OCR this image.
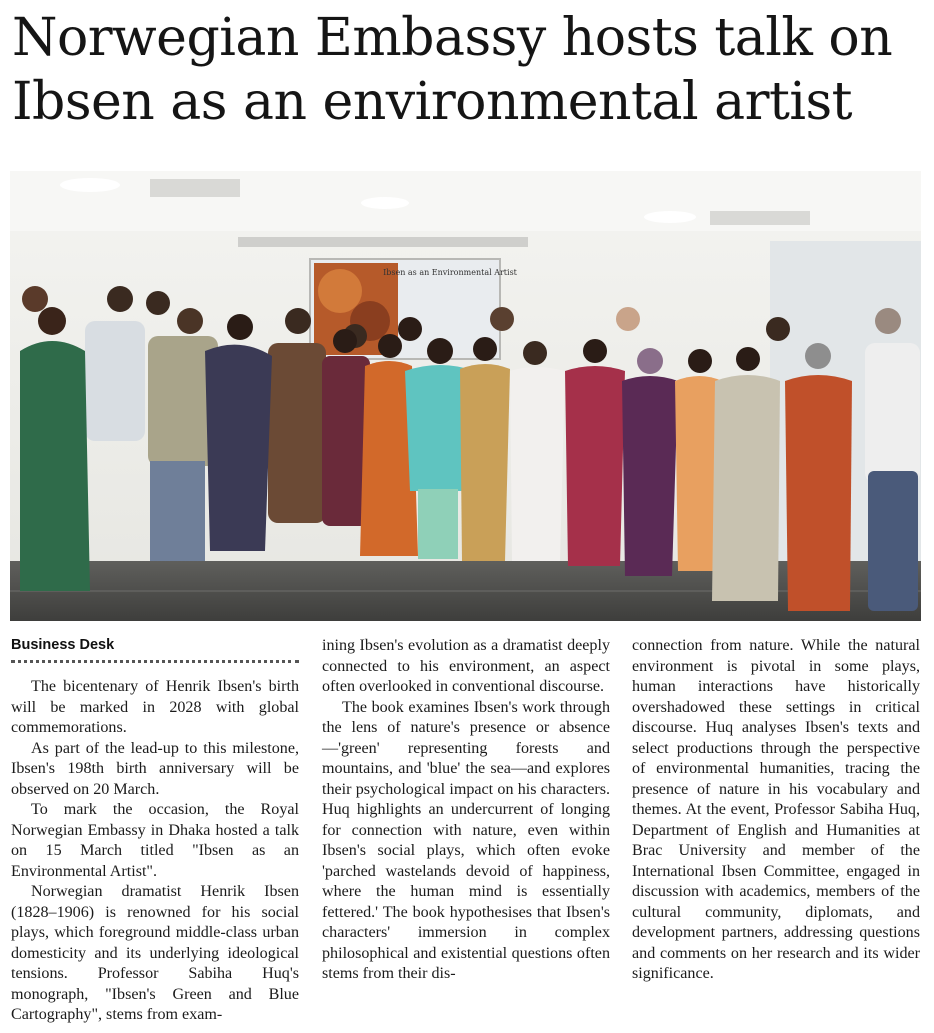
Norwegian Embassy hosts talk on
Ibsen as an environmental artist
Ibsen as an Environmental Artist
Business Desk

The bicentenary of Henrik Ibsen's birth will be marked in 2028 with global commemorations.

As part of the lead-up to this milestone, Ibsen's 198th birth anniversary will be observed on 20 March.

To mark the occasion, the Royal Norwegian Embassy in Dhaka hosted a talk on 15 March titled "Ibsen as an Environmental Artist".

Norwegian dramatist Henrik Ibsen (1828–1906) is renowned for his social plays, which foreground middle-class urban domesticity and its underlying ideological tensions. Professor Sabiha Huq's monograph, "Ibsen's Green and Blue Cartography", stems from exam-

ining Ibsen's evolution as a dramatist deeply connected to his environment, an aspect often overlooked in conventional discourse.

The book examines Ibsen's work through the lens of nature's presence or absence—'green' representing forests and mountains, and 'blue' the sea—and explores their psychological impact on his characters. Huq highlights an undercurrent of longing for connection with nature, even within Ibsen's social plays, which often evoke 'parched wastelands devoid of happiness, where the human mind is essentially fettered.' The book hypothesises that Ibsen's characters' immersion in complex philosophical and existential questions often stems from their dis-

connection from nature. While the natural environment is pivotal in some plays, human interactions have historically overshadowed these settings in critical discourse. Huq analyses Ibsen's texts and select productions through the perspective of environmental humanities, tracing the presence of nature in his vocabulary and themes. At the event, Professor Sabiha Huq, Department of English and Humanities at Brac University and member of the International Ibsen Committee, engaged in discussion with academics, members of the cultural community, diplomats, and development partners, addressing questions and comments on her research and its wider significance.
